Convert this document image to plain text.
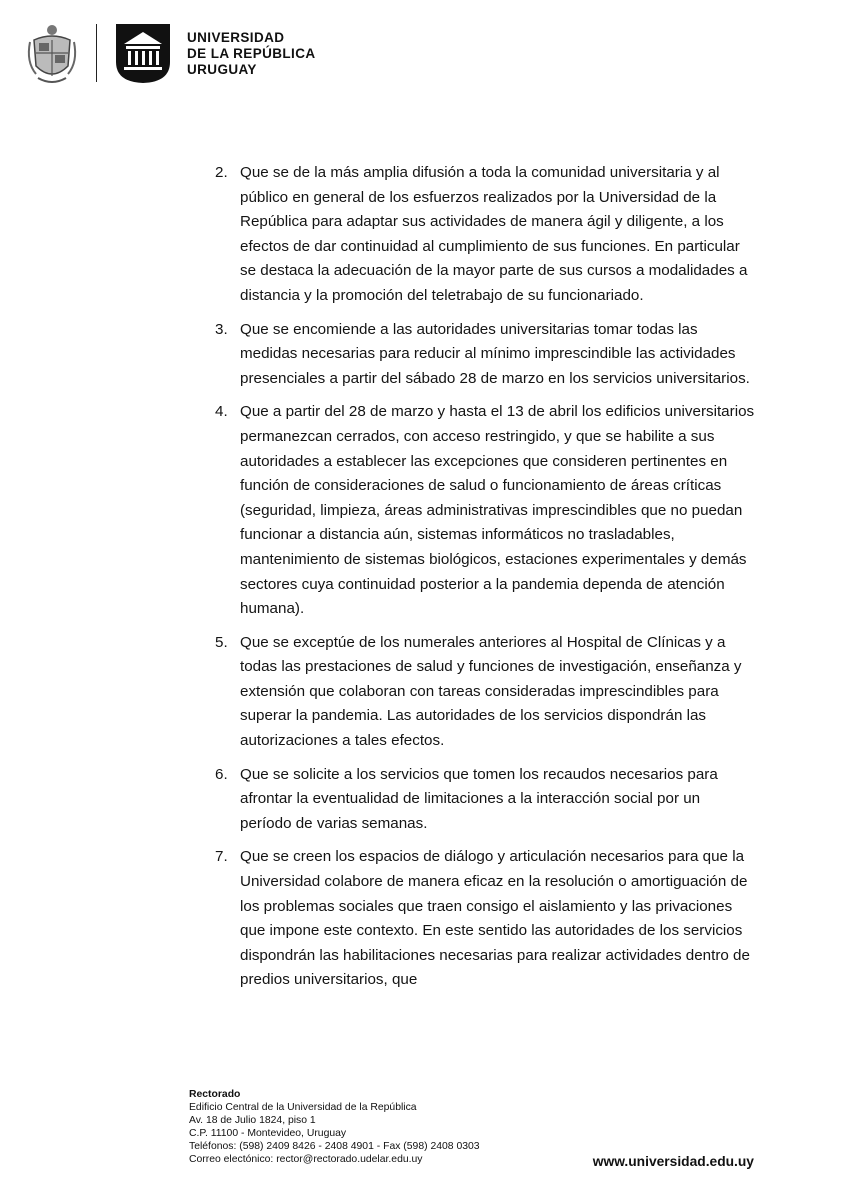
UNIVERSIDAD
DE LA REPÚBLICA
URUGUAY
2. Que se de la más amplia difusión a toda la comunidad universitaria y al público en general de los esfuerzos realizados por la Universidad de la República para adaptar sus actividades de manera ágil y diligente, a los efectos de dar continuidad al cumplimiento de sus funciones. En particular se destaca la adecuación de la mayor parte de sus cursos a modalidades a distancia y la promoción del teletrabajo de su funcionariado.
3. Que se encomiende a las autoridades universitarias tomar todas las medidas necesarias para reducir al mínimo imprescindible las actividades presenciales a partir del sábado 28 de marzo en los servicios universitarios.
4. Que a partir del 28 de marzo y hasta el 13 de abril los edificios universitarios permanezcan cerrados, con acceso restringido, y que se habilite a sus autoridades a establecer las excepciones que consideren pertinentes en función de consideraciones de salud o funcionamiento de áreas críticas (seguridad, limpieza, áreas administrativas imprescindibles que no puedan funcionar a distancia aún, sistemas informáticos no trasladables, mantenimiento de sistemas biológicos, estaciones experimentales y demás sectores cuya continuidad posterior a la pandemia dependa de atención humana).
5. Que se exceptúe de los numerales anteriores al Hospital de Clínicas y a todas las prestaciones de salud y funciones de investigación, enseñanza y extensión que colaboran con tareas consideradas imprescindibles para superar la pandemia. Las autoridades de los servicios dispondrán las autorizaciones a tales efectos.
6. Que se solicite a los servicios que tomen los recaudos necesarios para afrontar la eventualidad de limitaciones a la interacción social por un período de varias semanas.
7. Que se creen los espacios de diálogo y articulación necesarios para que la Universidad colabore de manera eficaz en la resolución o amortiguación de los problemas sociales que traen consigo el aislamiento y las privaciones que impone este contexto. En este sentido las autoridades de los servicios dispondrán las habilitaciones necesarias para realizar actividades dentro de predios universitarios, que
Rectorado
Edificio Central de la Universidad de la República
Av. 18 de Julio 1824, piso 1
C.P. 11100 - Montevideo, Uruguay
Teléfonos: (598) 2409 8426 - 2408 4901 - Fax (598) 2408 0303
Correo electónico: rector@rectorado.udelar.edu.uy	www.universidad.edu.uy
